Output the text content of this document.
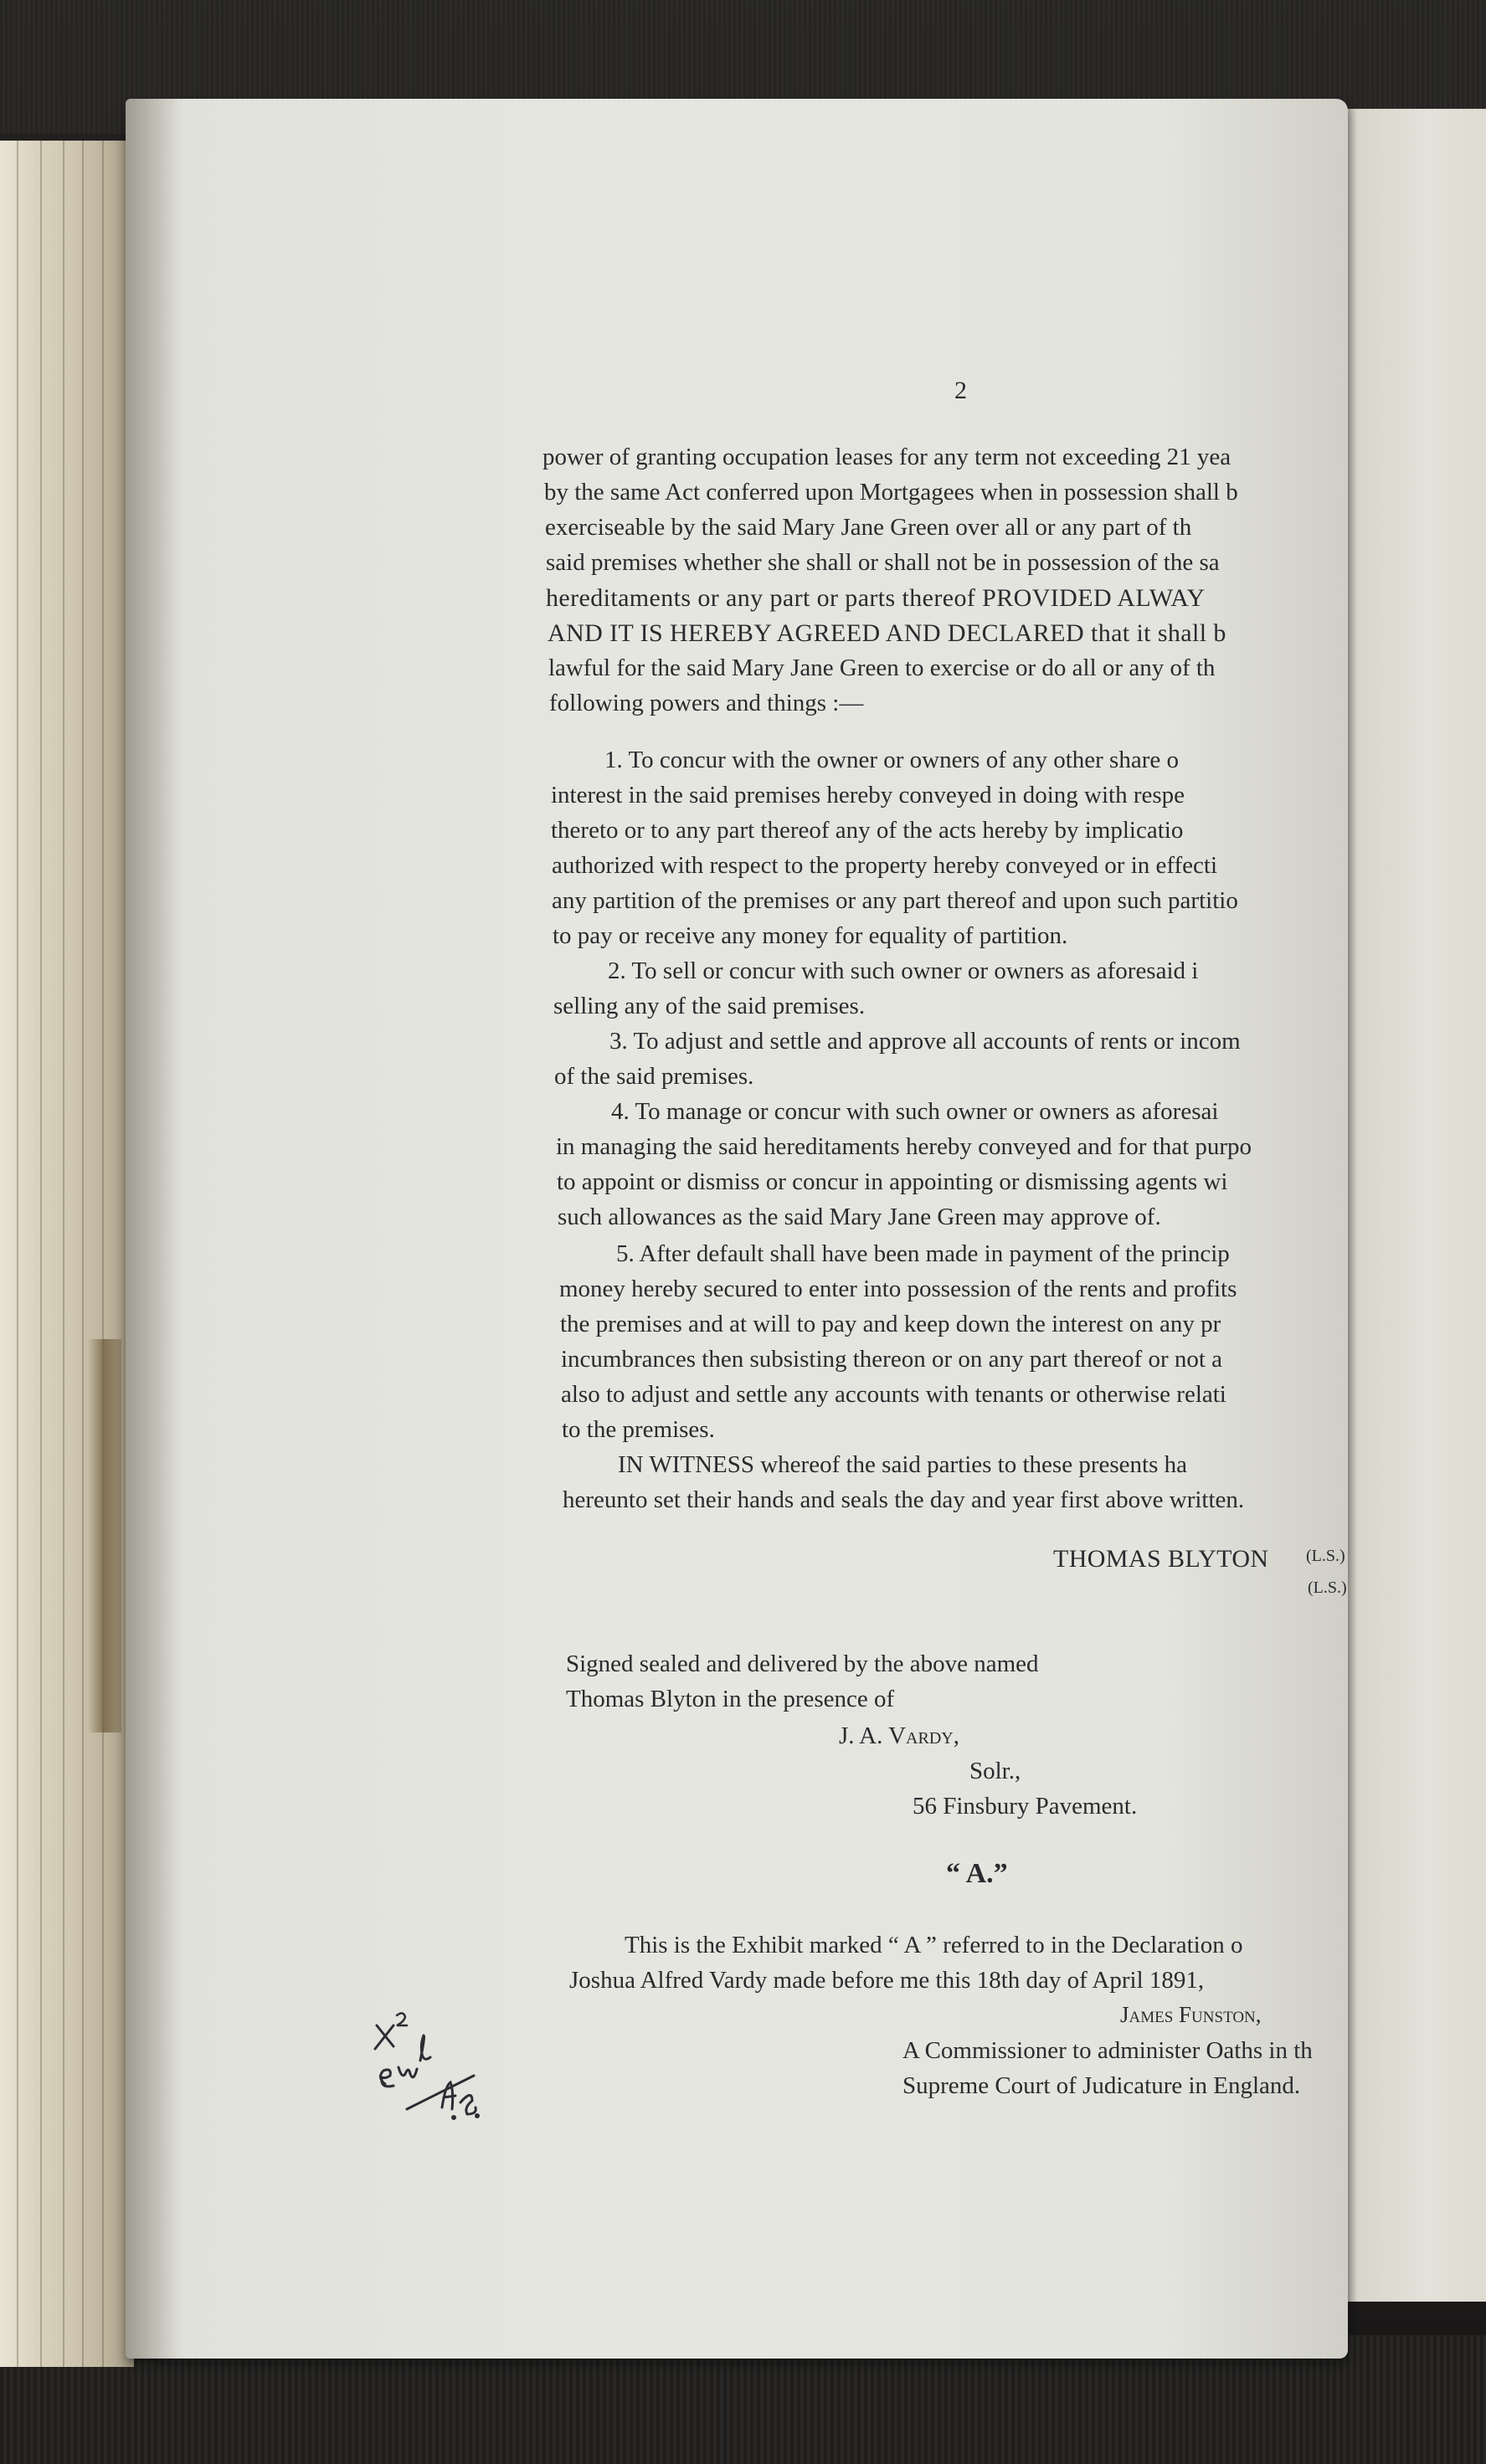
2
power of granting occupation leases for any term not exceeding 21 yea
by the same Act conferred upon Mortgagees when in possession shall b
exerciseable by the said Mary Jane Green over all or any part of th
said premises whether she shall or shall not be in possession of the sa
hereditaments or any part or parts thereof PROVIDED ALWAY
AND IT IS HEREBY AGREED AND DECLARED that it shall b
lawful for the said Mary Jane Green to exercise or do all or any of th
following powers and things :—
1. To concur with the owner or owners of any other share o
interest in the said premises hereby conveyed in doing with respe
thereto or to any part thereof any of the acts hereby by implicatio
authorized with respect to the property hereby conveyed or in effecti
any partition of the premises or any part thereof and upon such partitio
to pay or receive any money for equality of partition.
2. To sell or concur with such owner or owners as aforesaid i
selling any of the said premises.
3. To adjust and settle and approve all accounts of rents or incom
of the said premises.
4. To manage or concur with such owner or owners as aforesai
in managing the said hereditaments hereby conveyed and for that purpo
to appoint or dismiss or concur in appointing or dismissing agents wi
such allowances as the said Mary Jane Green may approve of.
5. After default shall have been made in payment of the princip
money hereby secured to enter into possession of the rents and profits
the premises and at will to pay and keep down the interest on any pr
incumbrances then subsisting thereon or on any part thereof or not a
also to adjust and settle any accounts with tenants or otherwise relati
to the premises.
IN WITNESS whereof the said parties to these presents ha
hereunto set their hands and seals the day and year first above written.
THOMAS BLYTON (L.S.)
(L.S.)
Signed sealed and delivered by the above named
Thomas Blyton in the presence of
J. A. Vardy,
Solr.,
56 Finsbury Pavement.
“ A.”
This is the Exhibit marked “ A ” referred to in the Declaration o
Joshua Alfred Vardy made before me this 18th day of April 1891,
James Funston,
A Commissioner to administer Oaths in th
Supreme Court of Judicature in England.
